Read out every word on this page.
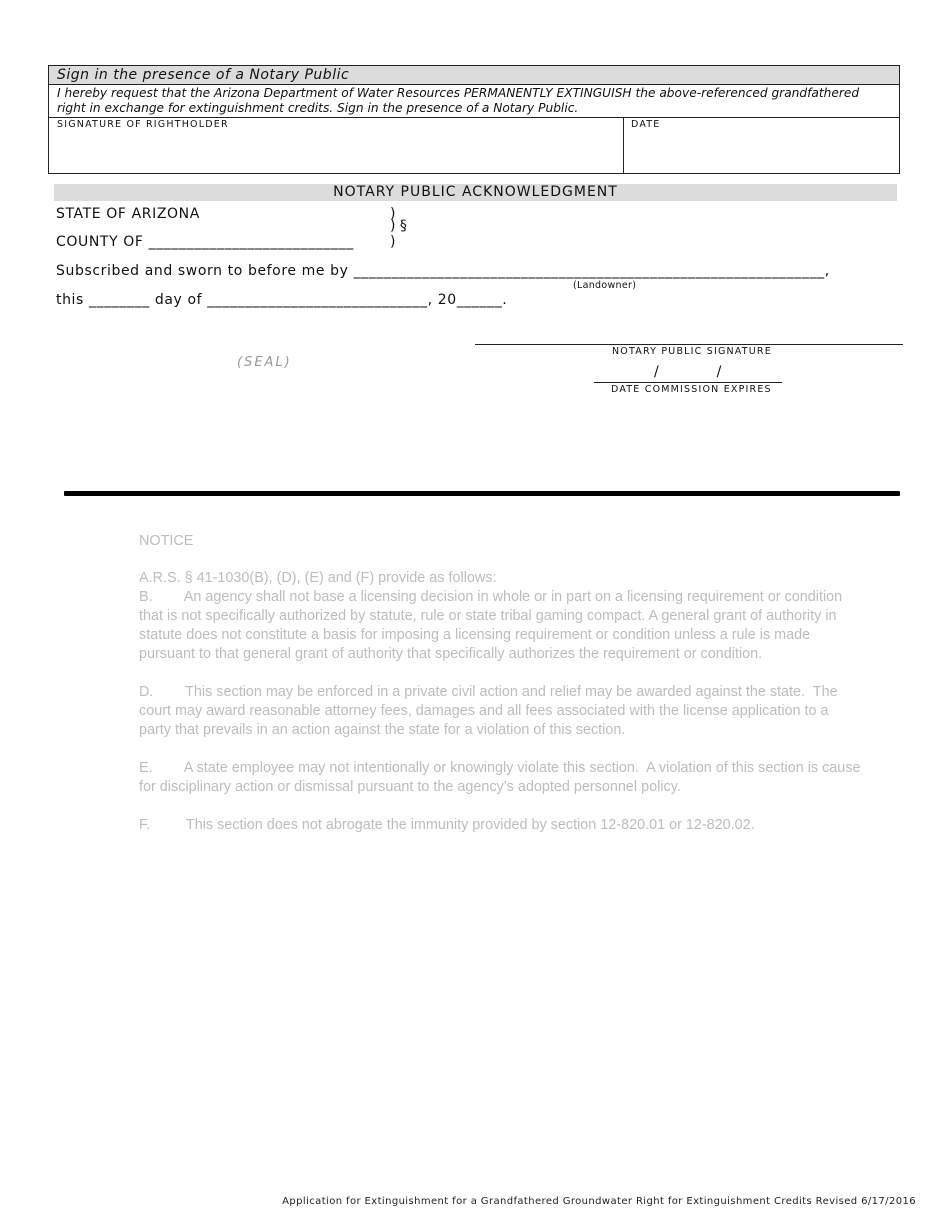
Sign in the presence of a Notary Public
I hereby request that the Arizona Department of Water Resources PERMANENTLY EXTINGUISH the above-referenced grandfathered
right in exchange for extinguishment credits. Sign in the presence of a Notary Public.
SIGNATURE OF RIGHTHOLDER	DATE
NOTARY PUBLIC ACKNOWLEDGMENT
STATE OF ARIZONA
COUNTY OF ___________________________
)
) §
)
Subscribed and sworn to before me by ______________________________________________________________,
(Landowner)
this ________ day of _____________________________, 20______.
(SEAL)
NOTARY PUBLIC SIGNATURE
/             /
DATE COMMISSION EXPIRES

NOTICE

A.R.S. § 41-1030(B), (D), (E) and (F) provide as follows:

B.        An agency shall not base a licensing decision in whole or in part on a licensing requirement or condition

that is not specifically authorized by statute, rule or state tribal gaming compact. A general grant of authority in

statute does not constitute a basis for imposing a licensing requirement or condition unless a rule is made

pursuant to that general grant of authority that specifically authorizes the requirement or condition.

D.        This section may be enforced in a private civil action and relief may be awarded against the state.  The

court may award reasonable attorney fees, damages and all fees associated with the license application to a

party that prevails in an action against the state for a violation of this section.

E.        A state employee may not intentionally or knowingly violate this section.  A violation of this section is cause

for disciplinary action or dismissal pursuant to the agency’s adopted personnel policy.

F.         This section does not abrogate the immunity provided by section 12-820.01 or 12-820.02.

Application for Extinguishment for a Grandfathered Groundwater Right for Extinguishment Credits Revised 6/17/2016
